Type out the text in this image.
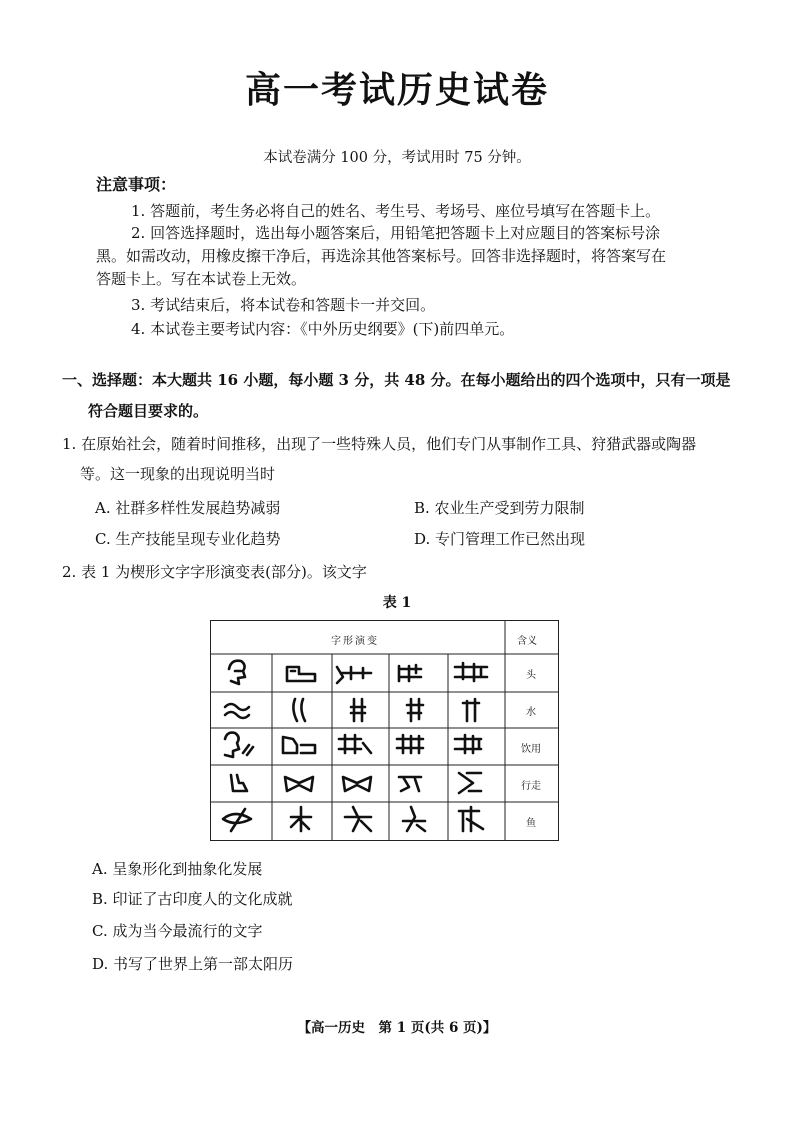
高一考试历史试卷

本试卷满分 100 分，考试用时 75 分钟。

注意事项：

1. 答题前，考生务必将自己的姓名、考生号、考场号、座位号填写在答题卡上。

2. 回答选择题时，选出每小题答案后，用铅笔把答题卡上对应题目的答案标号涂

黑。如需改动，用橡皮擦干净后，再选涂其他答案标号。回答非选择题时，将答案写在

答题卡上。写在本试卷上无效。

3. 考试结束后，将本试卷和答题卡一并交回。

4. 本试卷主要考试内容：《中外历史纲要》(下)前四单元。

一、选择题：本大题共 16 小题，每小题 3 分，共 48 分。在每小题给出的四个选项中，只有一项是

符合题目要求的。

1. 在原始社会，随着时间推移，出现了一些特殊人员，他们专门从事制作工具、狩猎武器或陶器

等。这一现象的出现说明当时

A. 社群多样性发展趋势减弱	B. 农业生产受到劳力限制

C. 生产技能呈现专业化趋势	D. 专门管理工作已然出现

2. 表 1 为楔形文字字形演变表(部分)。该文字

表 1

字形演变	含义
头
水
饮用
行走
鱼

A. 呈象形化到抽象化发展

B. 印证了古印度人的文化成就

C. 成为当今最流行的文字

D. 书写了世界上第一部太阳历

【高一历史　第 1 页(共 6 页)】
